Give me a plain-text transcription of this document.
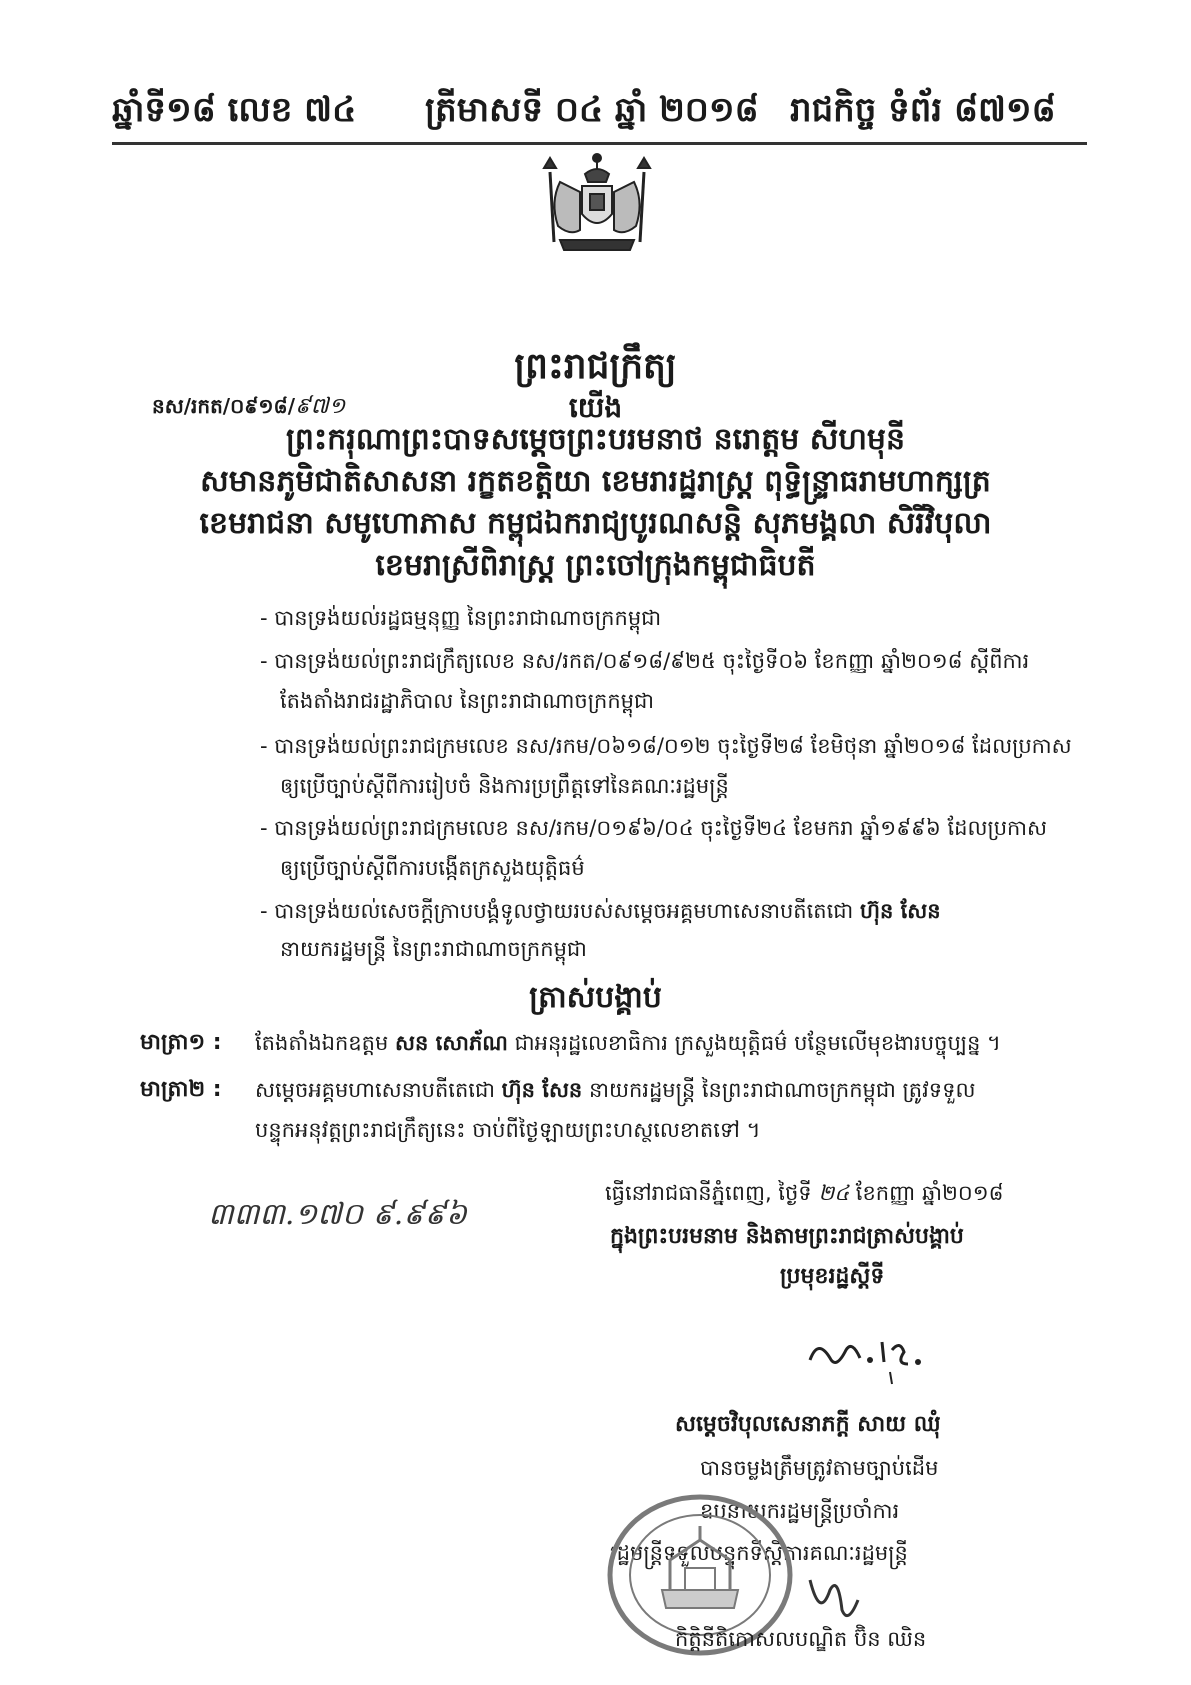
ឆ្នាំទី១៨ លេខ ៧៤ ត្រីមាសទី ០៤ ឆ្នាំ ២០១៨ រាជកិច្ច ទំព័រ ៨៧១៨
ព្រះរាជក្រឹត្យ
នស/រកត/០៩១៨/៩៧១	យើង
ព្រះករុណាព្រះបាទសម្តេចព្រះបរមនាថ នរោត្តម សីហមុនី
សមានភូមិជាតិសាសនា រក្ខតខត្តិយា ខេមរារដ្ឋរាស្ត្រ ពុទ្ធិន្ទ្រាធរាមហាក្សត្រ
ខេមរាជនា សមូហោភាស កម្ពុជឯករាជ្យបូរណសន្តិ សុភមង្គលា សិរីវិបុលា
ខេមរាស្រីពិរាស្ត្រ ព្រះចៅក្រុងកម្ពុជាធិបតី
- បានទ្រង់យល់រដ្ឋធម្មនុញ្ញ នៃព្រះរាជាណាចក្រកម្ពុជា
- បានទ្រង់យល់ព្រះរាជក្រឹត្យលេខ នស/រកត/០៩១៨/៩២៥ ចុះថ្ងៃទី០៦ ខែកញ្ញា ឆ្នាំ២០១៨ ស្តីពីការ
តែងតាំងរាជរដ្ឋាភិបាល នៃព្រះរាជាណាចក្រកម្ពុជា
- បានទ្រង់យល់ព្រះរាជក្រមលេខ នស/រកម/០៦១៨/០១២ ចុះថ្ងៃទី២៨ ខែមិថុនា ឆ្នាំ២០១៨ ដែលប្រកាស
ឲ្យប្រើច្បាប់ស្តីពីការរៀបចំ និងការប្រព្រឹត្តទៅនៃគណៈរដ្ឋមន្ត្រី
- បានទ្រង់យល់ព្រះរាជក្រមលេខ នស/រកម/០១៩៦/០៤ ចុះថ្ងៃទី២៤ ខែមករា ឆ្នាំ១៩៩៦ ដែលប្រកាស
ឲ្យប្រើច្បាប់ស្តីពីការបង្កើតក្រសួងយុត្តិធម៌
- បានទ្រង់យល់សេចក្តីក្រាបបង្គំទូលថ្វាយរបស់សម្តេចអគ្គមហាសេនាបតីតេជោ ហ៊ុន សែន
នាយករដ្ឋមន្ត្រី នៃព្រះរាជាណាចក្រកម្ពុជា
ត្រាស់បង្គាប់
មាត្រា១ : តែងតាំងឯកឧត្តម សន សោភ័ណ ជាអនុរដ្ឋលេខាធិការ ក្រសួងយុត្តិធម៌ បន្ថែមលើមុខងារបច្ចុប្បន្ន ។
មាត្រា២ : សម្តេចអគ្គមហាសេនាបតីតេជោ ហ៊ុន សែន នាយករដ្ឋមន្ត្រី នៃព្រះរាជាណាចក្រកម្ពុជា ត្រូវទទួល
បន្ទុកអនុវត្តព្រះរាជក្រឹត្យនេះ ចាប់ពីថ្ងៃឡាយព្រះហស្ថលេខាតទៅ ។
ធ្វើនៅរាជធានីភ្នំពេញ, ថ្ងៃទី ២៤ ខែកញ្ញា ឆ្នាំ២០១៨
ក្នុងព្រះបរមនាម និងតាមព្រះរាជត្រាស់បង្គាប់
ប្រមុខរដ្ឋស្តីទី
៣៣៣.១៧០ ៩.៩៩៦
សម្តេចវិបុលសេនាភក្តី សាយ ឈុំ
បានចម្លងត្រឹមត្រូវតាមច្បាប់ដើម
ឧបនាយករដ្ឋមន្ត្រីប្រចាំការ
រដ្ឋមន្ត្រីទទួលបន្ទុកទីស្តីការគណៈរដ្ឋមន្ត្រី
កិត្តិនីតិកោសលបណ្ឌិត ប៊ិន ឈិន
